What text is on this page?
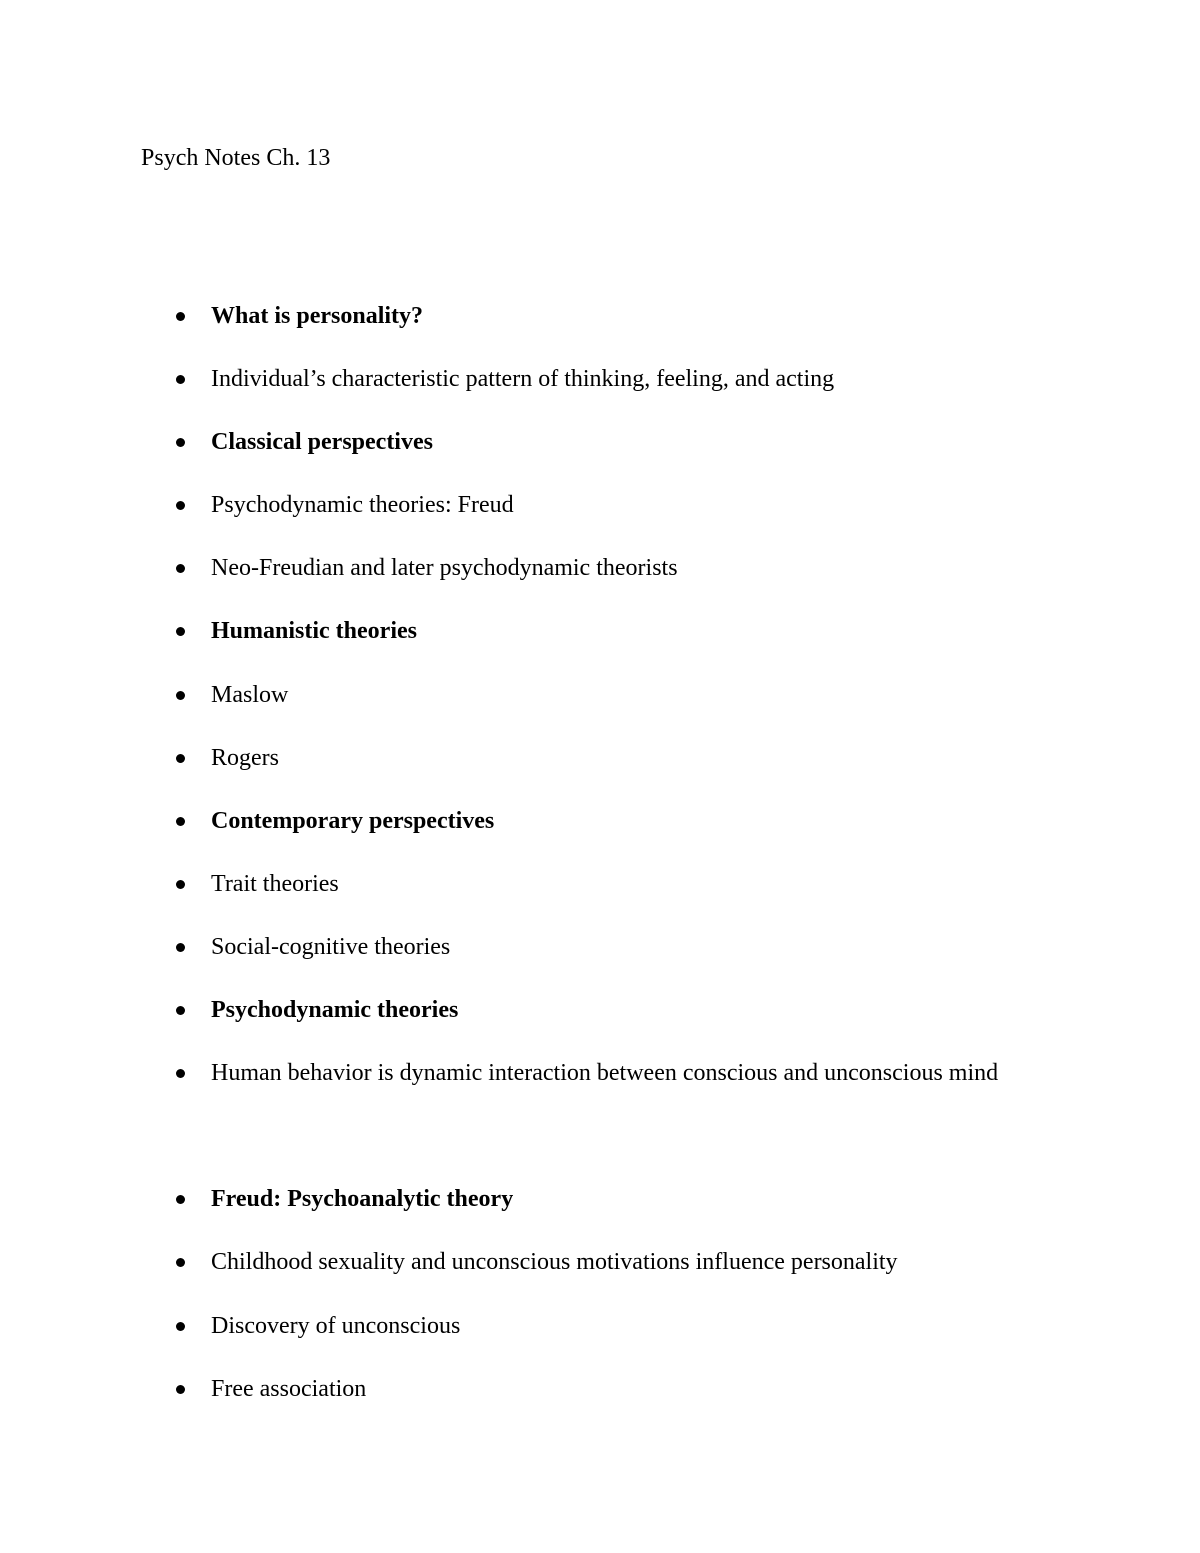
Psych Notes Ch. 13
What is personality?
Individual’s characteristic pattern of thinking, feeling, and acting
Classical perspectives
Psychodynamic theories: Freud
Neo-Freudian and later psychodynamic theorists
Humanistic theories
Maslow
Rogers
Contemporary perspectives
Trait theories
Social-cognitive theories
Psychodynamic theories
Human behavior is dynamic interaction between conscious and unconscious mind
Freud: Psychoanalytic theory
Childhood sexuality and unconscious motivations influence personality
Discovery of unconscious
Free association
